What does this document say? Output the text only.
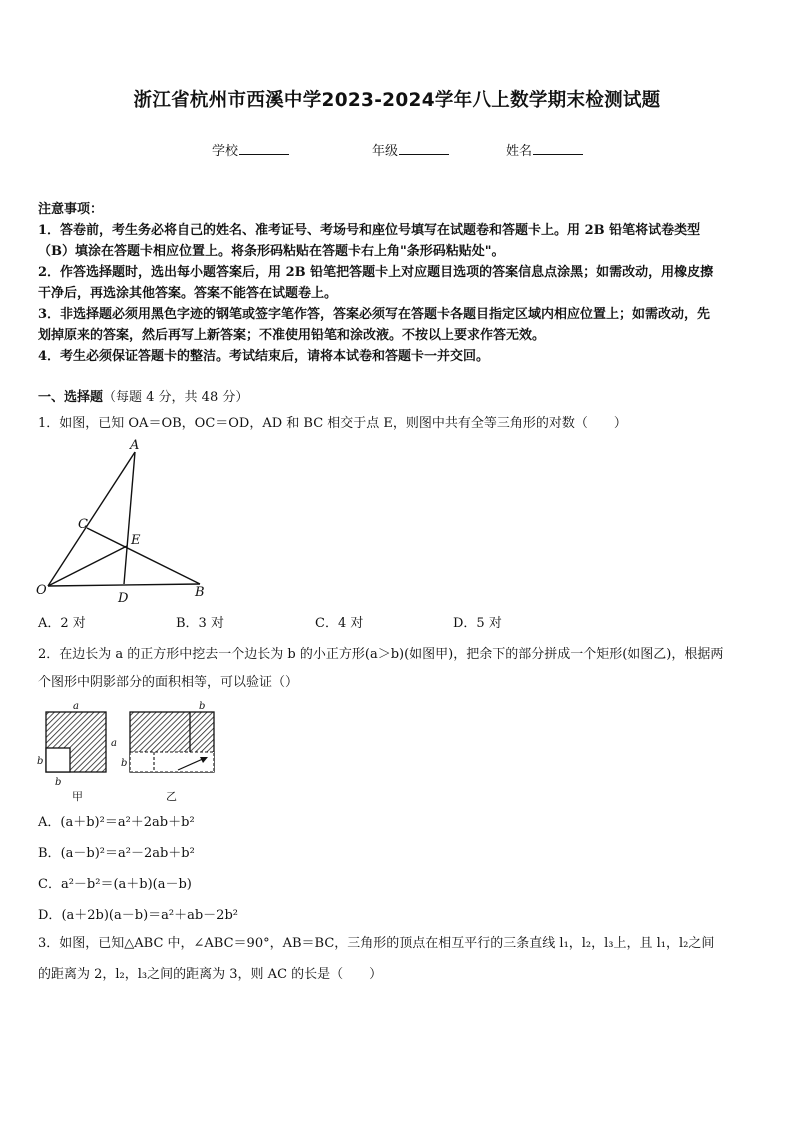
浙江省杭州市西溪中学2023-2024学年八上数学期末检测试题
学校	年级	姓名
注意事项：
1．答卷前，考生务必将自己的姓名、准考证号、考场号和座位号填写在试题卷和答题卡上。用 2B 铅笔将试卷类型
（B）填涂在答题卡相应位置上。将条形码粘贴在答题卡右上角"条形码粘贴处"。
2．作答选择题时，选出每小题答案后，用 2B 铅笔把答题卡上对应题目选项的答案信息点涂黑；如需改动，用橡皮擦
干净后，再选涂其他答案。答案不能答在试题卷上。
3．非选择题必须用黑色字迹的钢笔或签字笔作答，答案必须写在答题卡各题目指定区域内相应位置上；如需改动，先
划掉原来的答案，然后再写上新答案；不准使用铅笔和涂改液。不按以上要求作答无效。
4．考生必须保证答题卡的整洁。考试结束后，请将本试卷和答题卡一并交回。
一、选择题（每题 4 分，共 48 分）
1．如图，已知 OA＝OB，OC＝OD，AD 和 BC 相交于点 E，则图中共有全等三角形的对数（　　）
A
C
E
O
D	B
A．2 对	B．3 对	C．4 对	D．5 对
2．在边长为 a 的正方形中挖去一个边长为 b 的小正方形(a＞b)(如图甲)，把余下的部分拼成一个矩形(如图乙)，根据两
个图形中阴影部分的面积相等，可以验证（）
a
a
b
b
b
b
甲	乙
A．(a＋b)²＝a²＋2ab＋b²
B．(a－b)²＝a²－2ab＋b²
C．a²－b²＝(a＋b)(a－b)
D．(a＋2b)(a－b)＝a²＋ab－2b²
3．如图，已知△ABC 中，∠ABC＝90°，AB＝BC，三角形的顶点在相互平行的三条直线 l₁，l₂，l₃上，且 l₁，l₂之间
的距离为 2，l₂，l₃之间的距离为 3，则 AC 的长是（　　）
